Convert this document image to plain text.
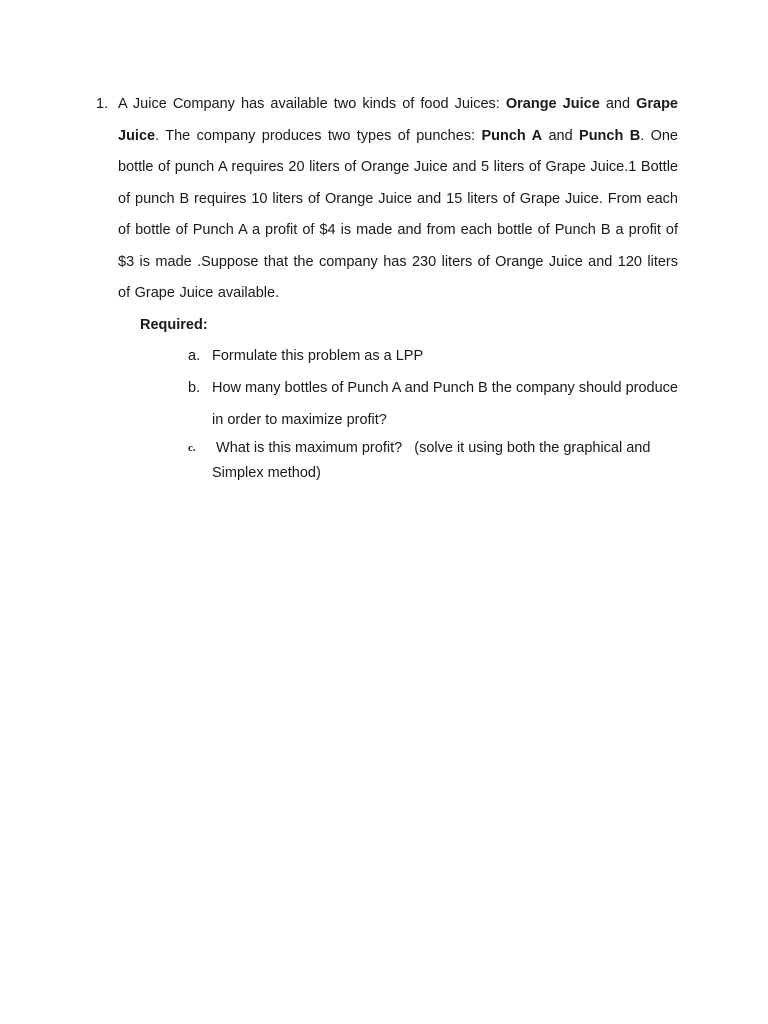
1. A Juice Company has available two kinds of food Juices: Orange Juice and Grape Juice. The company produces two types of punches: Punch A and Punch B. One bottle of punch A requires 20 liters of Orange Juice and 5 liters of Grape Juice.1 Bottle of punch B requires 10 liters of Orange Juice and 15 liters of Grape Juice. From each of bottle of Punch A a profit of $4 is made and from each bottle of Punch B a profit of $3 is made .Suppose that the company has 230 liters of Orange Juice and 120 liters of Grape Juice available.

Required:
a. Formulate this problem as a LPP
b. How many bottles of Punch A and Punch B the company should produce in order to maximize profit?
c. What is this maximum profit?   (solve it using both the graphical and Simplex method)
